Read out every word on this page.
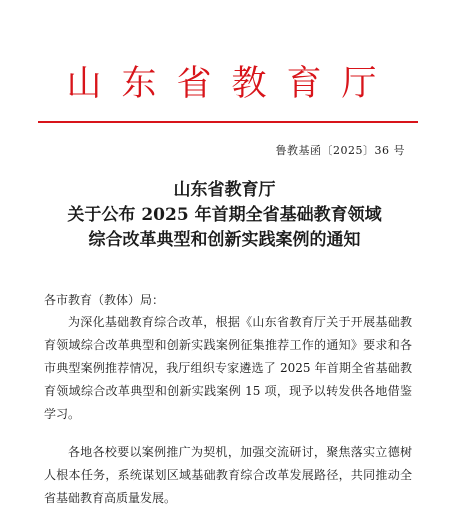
山东省教育厅
鲁教基函〔2025〕36 号
山东省教育厅
关于公布 2025 年首期全省基础教育领域
综合改革典型和创新实践案例的通知
各市教育（教体）局：
为深化基础教育综合改革，根据《山东省教育厅关于开展基础教育领域综合改革典型和创新实践案例征集推荐工作的通知》要求和各市典型案例推荐情况，我厅组织专家遴选了 2025 年首期全省基础教育领域综合改革典型和创新实践案例 15 项，现予以转发供各地借鉴学习。
各地各校要以案例推广为契机，加强交流研讨，聚焦落实立德树人根本任务，系统谋划区域基础教育综合改革发展路径，共同推动全省基础教育高质量发展。
